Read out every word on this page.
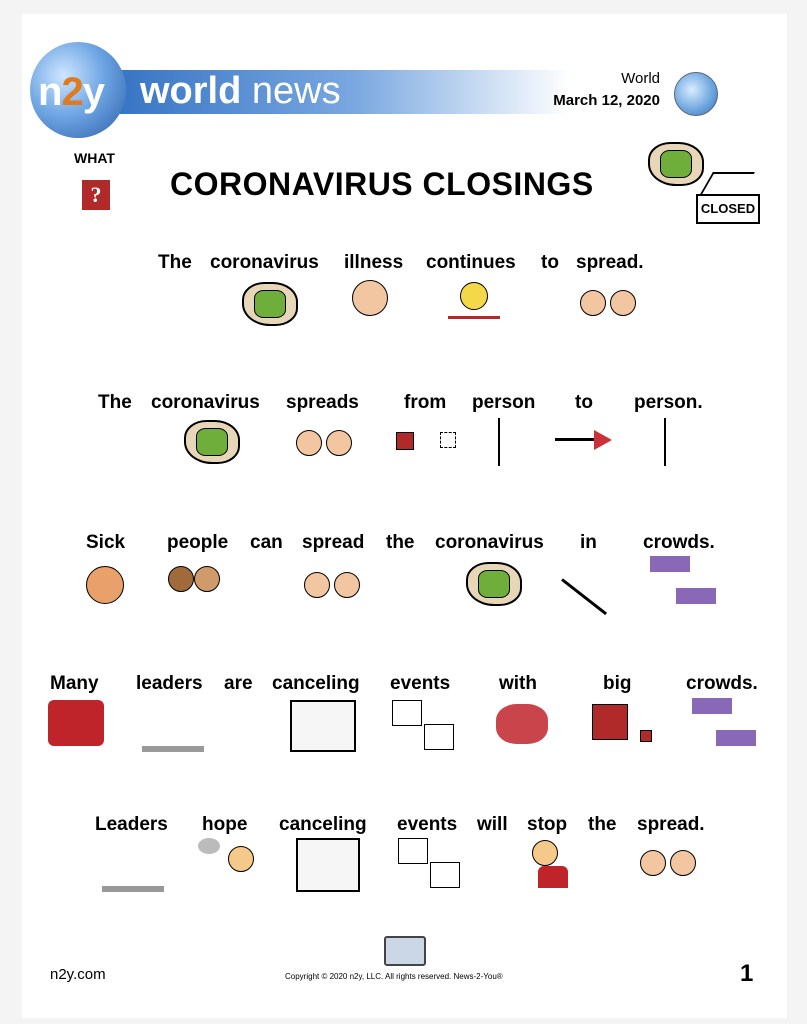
n2y world news	World
March 12, 2020
WHAT
? CORONAVIRUS CLOSINGS
CLOSED
The coronavirus illness continues to spread.

The coronavirus spreads from person to person.

Sick people can spread the coronavirus in crowds.

Many leaders are canceling events	with	big	crowds.
Leaders hope canceling events will stop the spread.

n2y.com	Copyright © 2020 n2y, LLC. All rights reserved. News-2-You®	1
